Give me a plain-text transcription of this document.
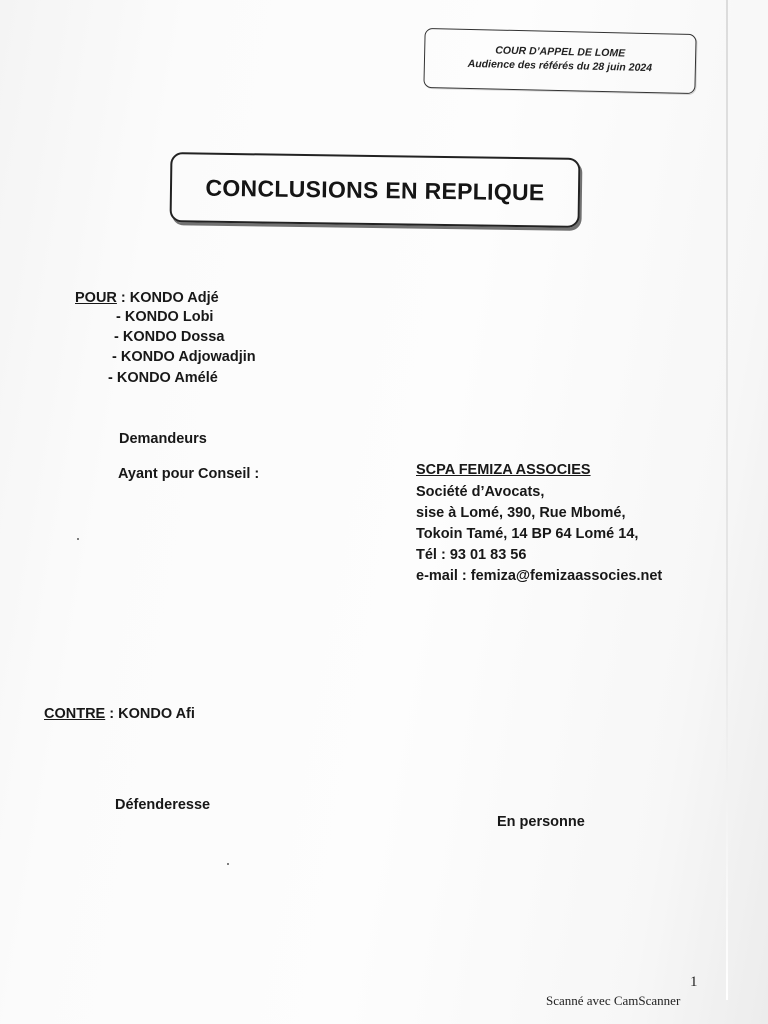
COUR D’APPEL DE LOME
Audience des référés du 28 juin 2024
CONCLUSIONS EN REPLIQUE
POUR : KONDO Adjé
- KONDO Lobi
- KONDO Dossa
- KONDO Adjowadjin
- KONDO Amélé
Demandeurs
Ayant pour Conseil :	SCPA FEMIZA ASSOCIES
Société d’Avocats,
sise à Lomé, 390, Rue Mbomé,
Tokoin Tamé, 14 BP 64 Lomé 14,
Tél : 93 01 83 56
e-mail : femiza@femizaassocies.net
CONTRE : KONDO Afi
Défenderesse
En personne
1
Scanné avec CamScanner
